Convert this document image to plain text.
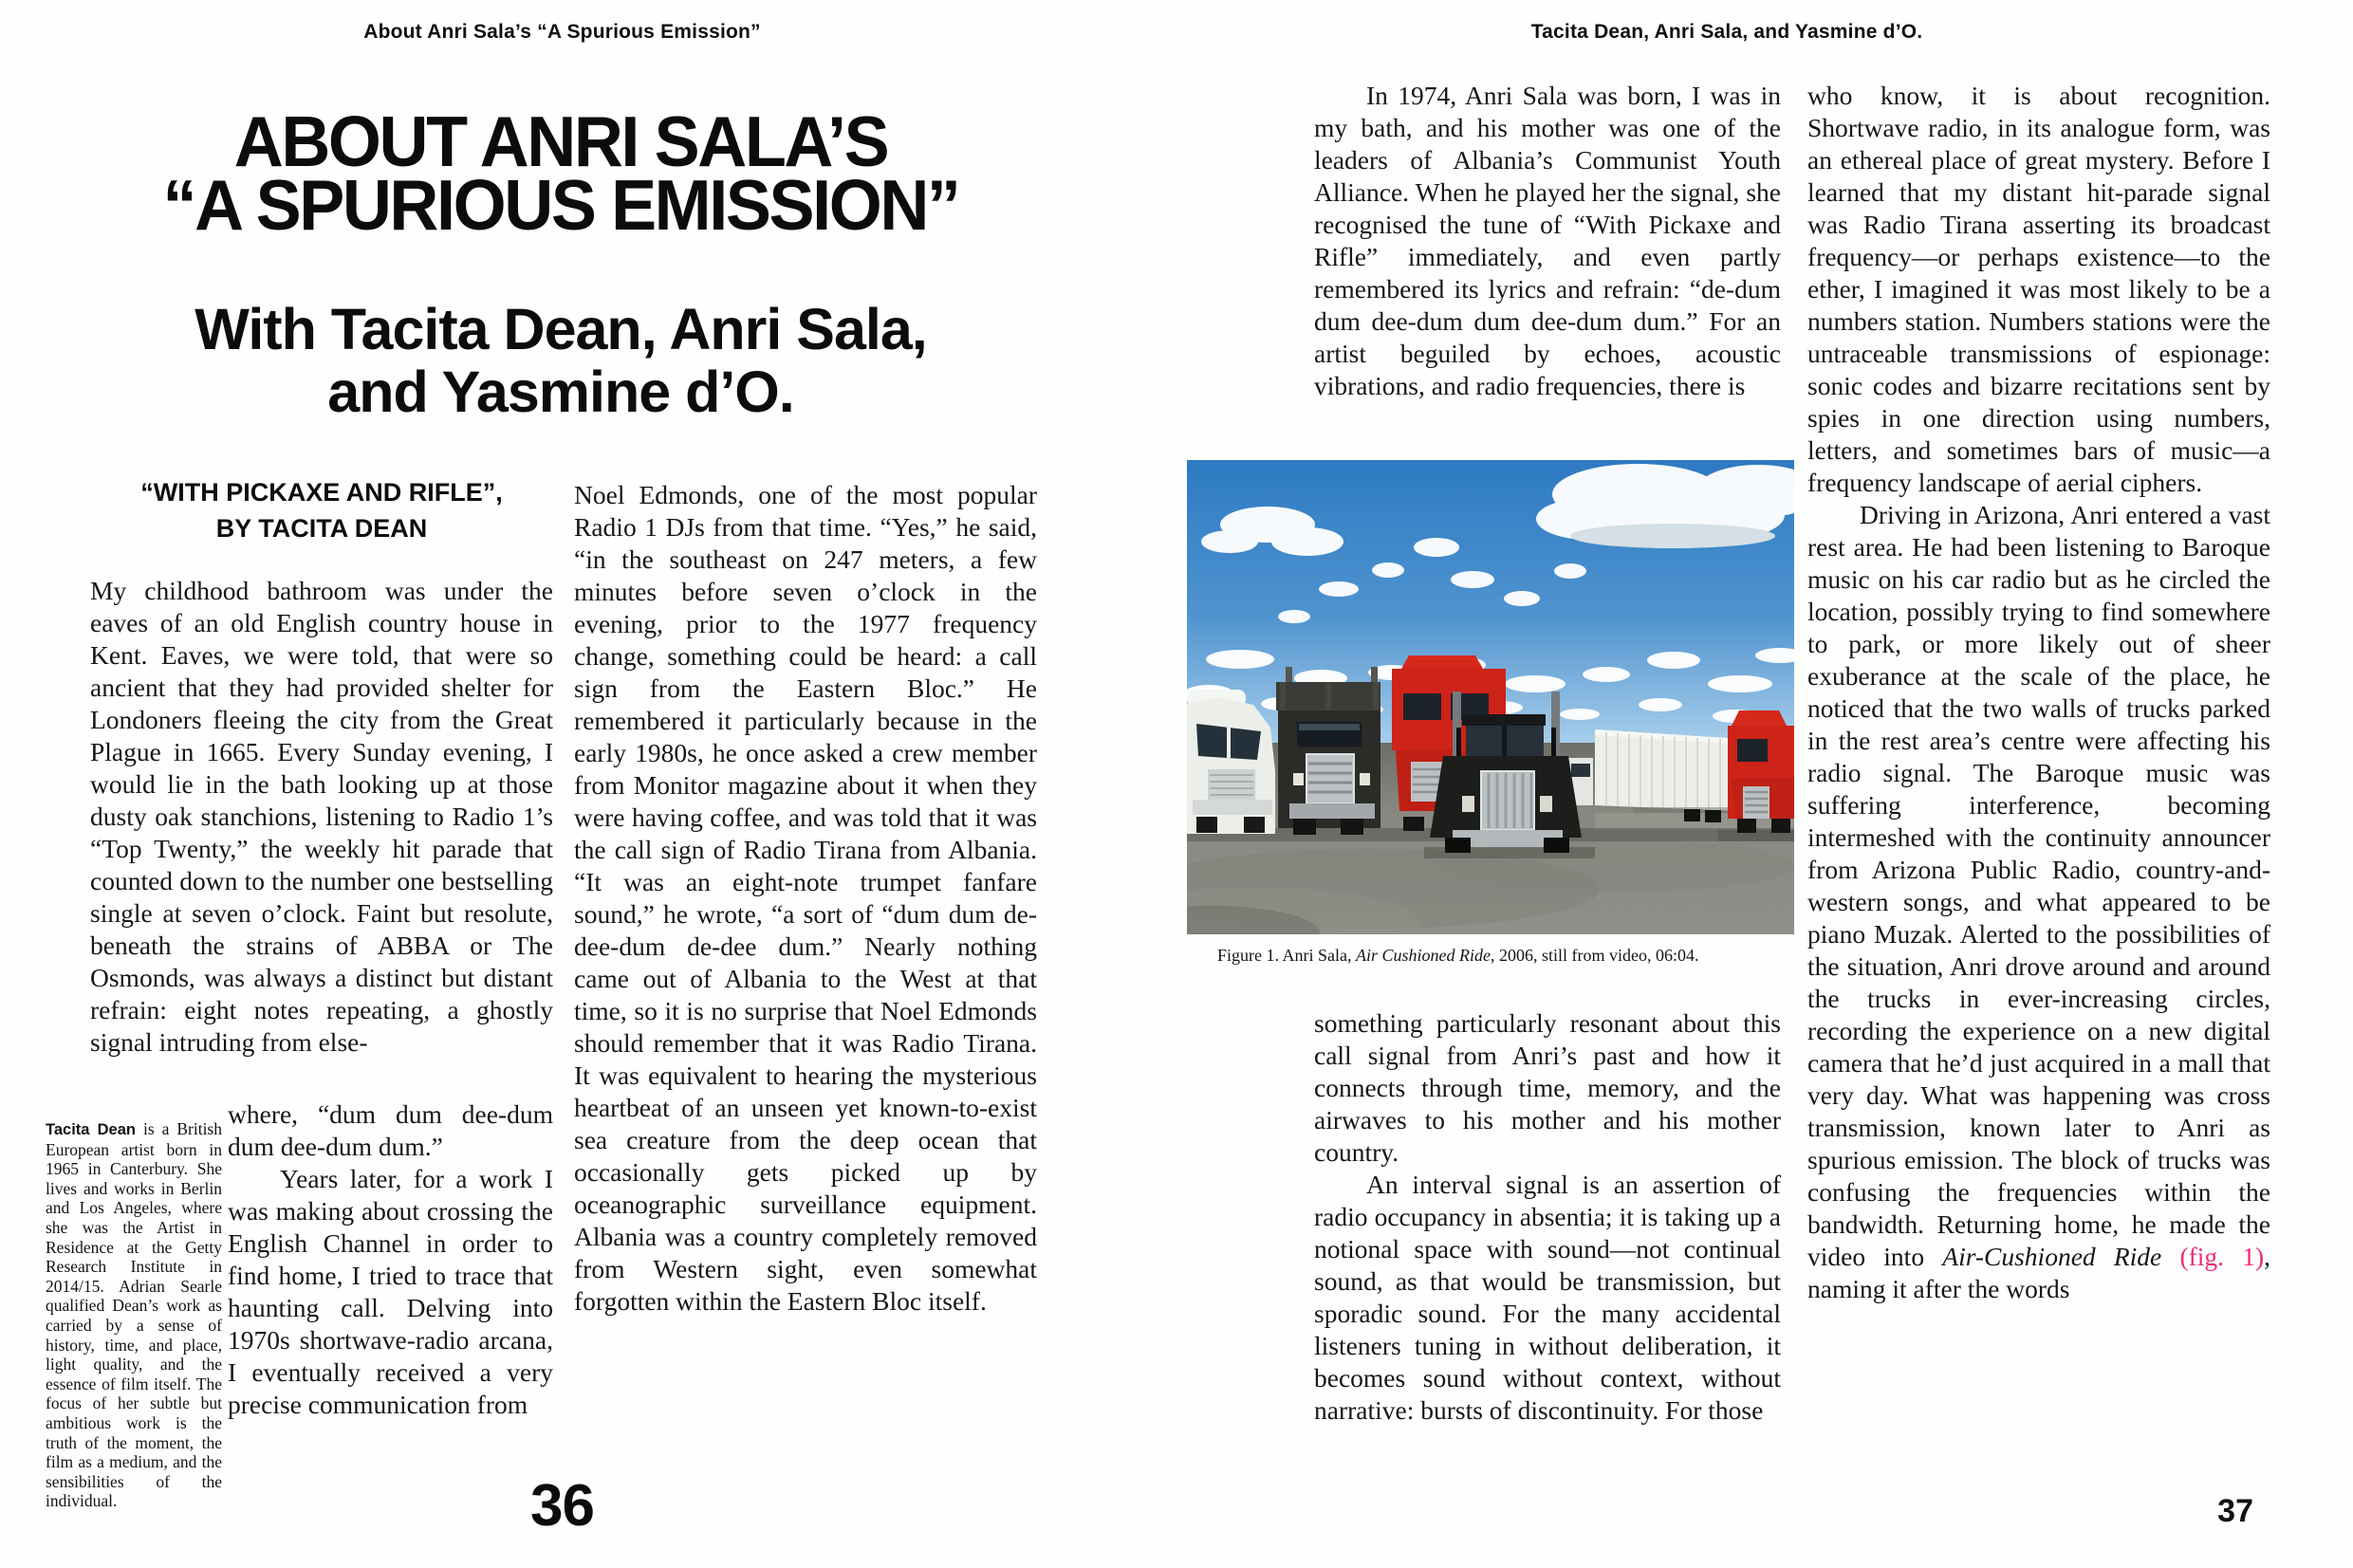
About Anri Sala’s “A Spurious Emission”	Tacita Dean, Anri Sala, and Yasmine d’O.
ABOUT ANRI SALA’S
“A SPURIOUS EMISSION”
With Tacita Dean, Anri Sala,
and Yasmine d’O.
“WITH PICKAXE AND RIFLE”,
BY TACITA DEAN

My childhood bathroom was under the eaves of an old English country house in Kent. Eaves, we were told, that were so ancient that they had provided shelter for Londoners fleeing the city from the Great Plague in 1665. Every Sunday evening, I would lie in the bath looking up at those dusty oak stanchions, listening to Radio 1’s “Top Twenty,” the weekly hit parade that counted down to the number one bestselling single at seven o’clock. Faint but resolute, beneath the strains of ABBA or The Osmonds, was always a distinct but distant refrain: eight notes repeating, a ghostly signal intruding from else-

Tacita Dean is a British European artist born in 1965 in Canterbury. She lives and works in Berlin and Los Angeles, where she was the Artist in Residence at the Getty Research Institute in 2014/15. Adrian Searle qualified Dean’s work as carried by a sense of history, time, and place, light quality, and the essence of film itself. The focus of her subtle but ambitious work is the truth of the moment, the film as a medium, and the sensibilities of the individual.

where, “dum dum dee-dum dum dee-dum dum.”

Years later, for a work I was making about crossing the English Channel in order to find home, I tried to trace that haunting call. Delving into 1970s shortwave-radio arcana, I eventually received a very precise communication from

Noel Edmonds, one of the most popular Radio 1 DJs from that time. “Yes,” he said, “in the southeast on 247 meters, a few minutes before seven o’clock in the evening, prior to the 1977 frequency change, something could be heard: a call sign from the Eastern Bloc.” He remembered it particularly because in the early 1980s, he once asked a crew member from Monitor magazine about it when they were having coffee, and was told that it was the call sign of Radio Tirana from Albania. “It was an eight-note trumpet fanfare sound,” he wrote, “a sort of “dum dum de-dee-dum de-dee dum.” Nearly nothing came out of Albania to the West at that time, so it is no surprise that Noel Edmonds should remember that it was Radio Tirana. It was equivalent to hearing the mysterious heartbeat of an unseen yet known-to-exist sea creature from the deep ocean that occasionally gets picked up by oceanographic surveillance equipment. Albania was a country completely removed from Western sight, even somewhat forgotten within the Eastern Bloc itself.

36

In 1974, Anri Sala was born, I was in my bath, and his mother was one of the leaders of Albania’s Communist Youth Alliance. When he played her the signal, she recognised the tune of “With Pickaxe and Rifle” immediately, and even partly remembered its lyrics and refrain: “de-dum dum dee-dum dum dee-dum dum.” For an artist beguiled by echoes, acoustic vibrations, and radio frequencies, there is

Figure 1. Anri Sala, Air Cushioned Ride, 2006, still from video, 06:04.

something particularly resonant about this call signal from Anri’s past and how it connects through time, memory, and the airwaves to his mother and his mother country.

An interval signal is an assertion of radio occupancy in absentia; it is taking up a notional space with sound—not continual sound, as that would be transmission, but sporadic sound. For the many accidental listeners tuning in without deliberation, it becomes sound without context, without narrative: bursts of discontinuity. For those

who know, it is about recognition. Shortwave radio, in its analogue form, was an ethereal place of great mystery. Before I learned that my distant hit-parade signal was Radio Tirana asserting its broadcast frequency—or perhaps existence—to the ether, I imagined it was most likely to be a numbers station. Numbers stations were the untraceable transmissions of espionage: sonic codes and bizarre recitations sent by spies in one direction using numbers, letters, and sometimes bars of music—a frequency landscape of aerial ciphers.

Driving in Arizona, Anri entered a vast rest area. He had been listening to Baroque music on his car radio but as he circled the location, possibly trying to find somewhere to park, or more likely out of sheer exuberance at the scale of the place, he noticed that the two walls of trucks parked in the rest area’s centre were affecting his radio signal. The Baroque music was suffering interference, becoming intermeshed with the continuity announcer from Arizona Public Radio, country-and-western songs, and what appeared to be piano Muzak. Alerted to the possibilities of the situation, Anri drove around and around the trucks in ever-increasing circles, recording the experience on a new digital camera that he’d just acquired in a mall that very day. What was happening was cross transmission, known later to Anri as spurious emission. The block of trucks was confusing the frequencies within the bandwidth. Returning home, he made the video into Air-Cushioned Ride (fig. 1), naming it after the words

37
